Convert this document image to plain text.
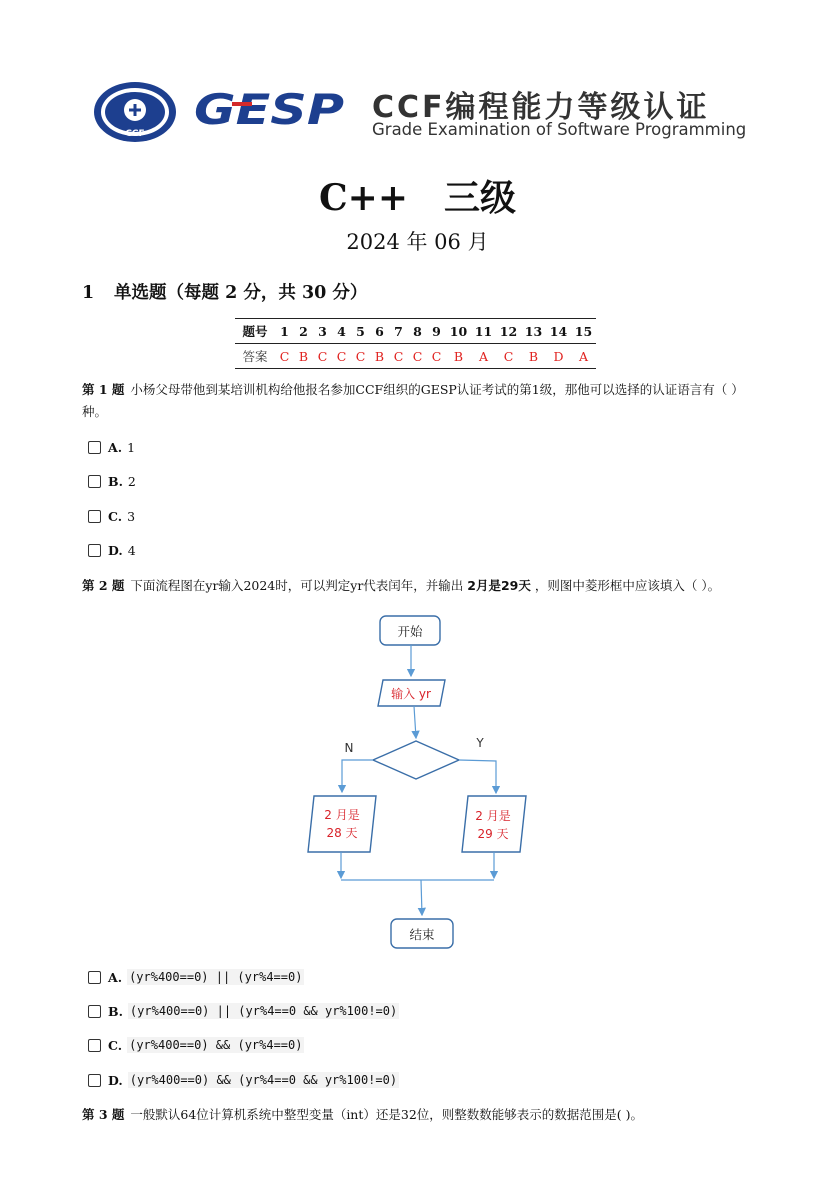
CCF GESP CCF编程能力等级认证
Grade Examination of Software Programming
C++　三级
2024 年 06 月
1 单选题（每题 2 分，共 30 分）
题号	1	2	3	4	5	6	7	8	9	10	11	12	13	14	15
答案	C	B	C	C	C	B	C	C	C	B	A	C	B	D	A
第 1 题 小杨父母带他到某培训机构给他报名参加CCF组织的GESP认证考试的第1级，那他可以选择的认证语言有（ ）种。
A. 1
B. 2
C. 3
D. 4
第 2 题 下面流程图在yr输入2024时，可以判定yr代表闰年，并输出 2月是29天 ，则图中菱形框中应该填入（ ）。
开始
输入 yr
N	Y
2 月是
28 天
2 月是
29 天
结束
A. (yr%400==0) || (yr%4==0)
B. (yr%400==0) || (yr%4==0 && yr%100!=0)
C. (yr%400==0) && (yr%4==0)
D. (yr%400==0) && (yr%4==0 && yr%100!=0)
第 3 题 一般默认64位计算机系统中整型变量（int）还是32位，则整数数能够表示的数据范围是( )。
